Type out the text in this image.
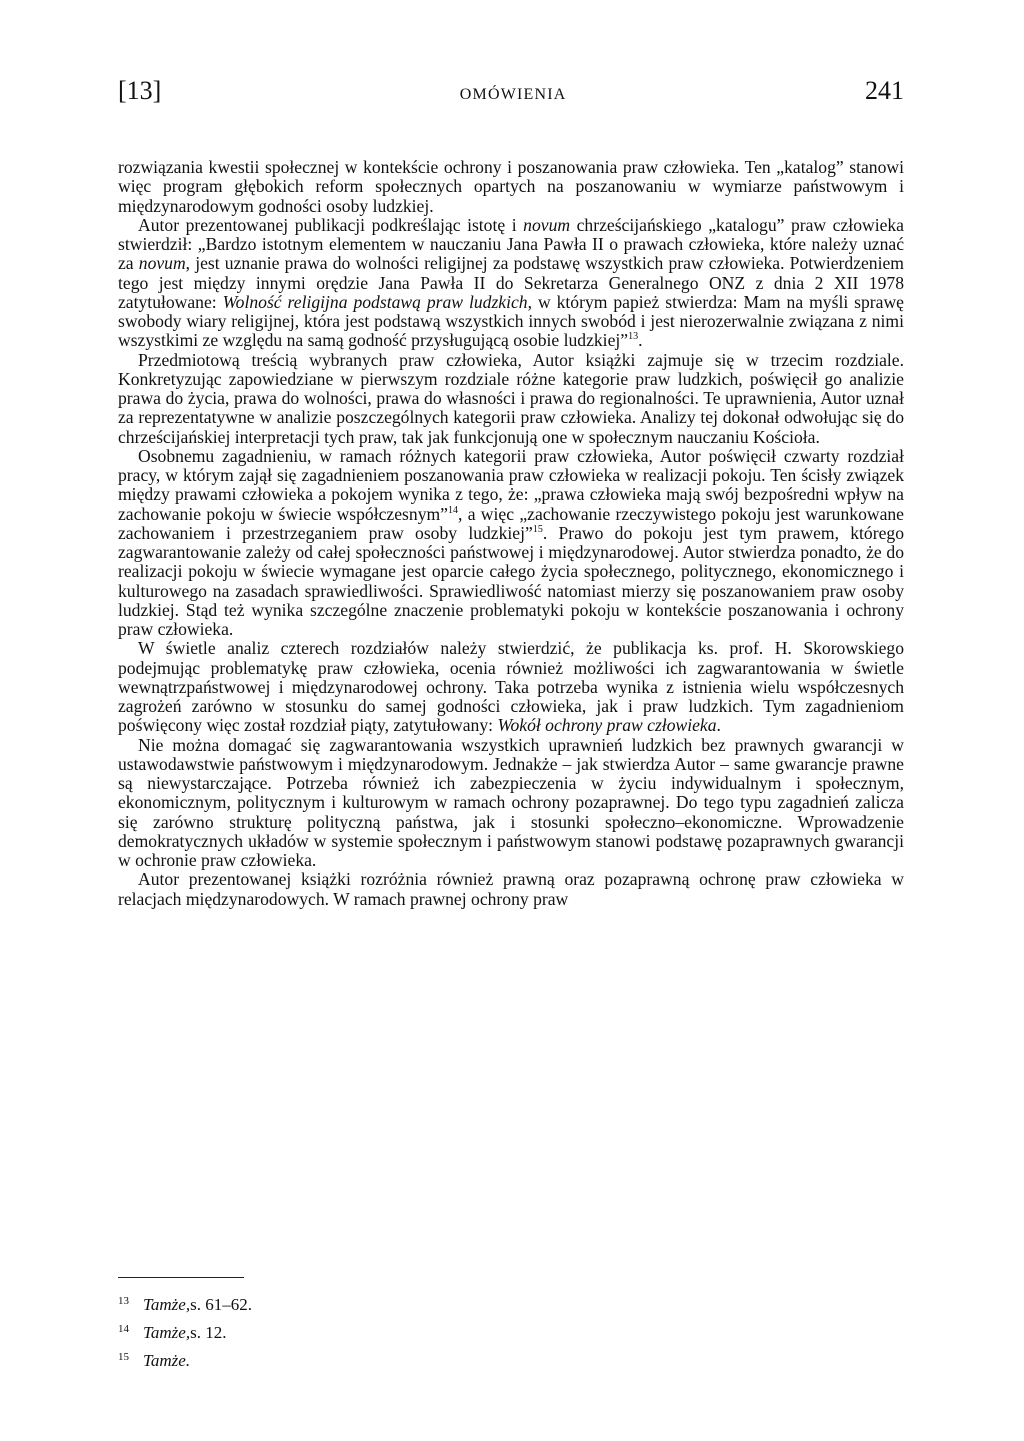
[13]	OMÓWIENIA	241

rozwiązania kwestii społecznej w kontekście ochrony i poszanowania praw człowieka. Ten „katalog” stanowi więc program głębokich reform społecznych opartych na poszanowaniu w wymiarze państwowym i międzynarodowym godności osoby ludzkiej.

Autor prezentowanej publikacji podkreślając istotę i novum chrześcijańskiego „katalogu” praw człowieka stwierdził: „Bardzo istotnym elementem w nauczaniu Jana Pawła II o prawach człowieka, które należy uznać za novum, jest uznanie prawa do wolności religijnej za podstawę wszystkich praw człowieka. Potwierdzeniem tego jest między innymi orędzie Jana Pawła II do Sekretarza Generalnego ONZ z dnia 2 XII 1978 zatytułowane: Wolność religijna podstawą praw ludzkich, w którym papież stwierdza: Mam na myśli sprawę swobody wiary religijnej, która jest podstawą wszystkich innych swobód i jest nierozerwalnie związana z nimi wszystkimi ze względu na samą godność przysługującą osobie ludzkiej”$^{13}$.

Przedmiotową treścią wybranych praw człowieka, Autor książki zajmuje się w trzecim rozdziale. Konkretyzując zapowiedziane w pierwszym rozdziale różne kategorie praw ludzkich, poświęcił go analizie prawa do życia, prawa do wolności, prawa do własności i prawa do regionalności. Te uprawnienia, Autor uznał za reprezentatywne w analizie poszczególnych kategorii praw człowieka. Analizy tej dokonał odwołując się do chrześcijańskiej interpretacji tych praw, tak jak funkcjonują one w społecznym nauczaniu Kościoła.

Osobnemu zagadnieniu, w ramach różnych kategorii praw człowieka, Autor poświęcił czwarty rozdział pracy, w którym zajął się zagadnieniem poszanowania praw człowieka w realizacji pokoju. Ten ścisły związek między prawami człowieka a pokojem wynika z tego, że: „prawa człowieka mają swój bezpośredni wpływ na zachowanie pokoju w świecie współczesnym”$^{14}$, a więc „zachowanie rzeczywistego pokoju jest warunkowane zachowaniem i przestrzeganiem praw osoby ludzkiej”$^{15}$. Prawo do pokoju jest tym prawem, którego zagwarantowanie zależy od całej społeczności państwowej i międzynarodowej. Autor stwierdza ponadto, że do realizacji pokoju w świecie wymagane jest oparcie całego życia społecznego, politycznego, ekonomicznego i kulturowego na zasadach sprawiedliwości. Sprawiedliwość natomiast mierzy się poszanowaniem praw osoby ludzkiej. Stąd też wynika szczególne znaczenie problematyki pokoju w kontekście poszanowania i ochrony praw człowieka.

W świetle analiz czterech rozdziałów należy stwierdzić, że publikacja ks. prof. H. Skorowskiego podejmując problematykę praw człowieka, ocenia również możliwości ich zagwarantowania w świetle wewnątrzpaństwowej i międzynarodowej ochrony. Taka potrzeba wynika z istnienia wielu współczesnych zagrożeń zarówno w stosunku do samej godności człowieka, jak i praw ludzkich. Tym zagadnieniom poświęcony więc został rozdział piąty, zatytułowany: Wokół ochrony praw człowieka.

Nie można domagać się zagwarantowania wszystkich uprawnień ludzkich bez prawnych gwarancji w ustawodawstwie państwowym i międzynarodowym. Jednakże – jak stwierdza Autor – same gwarancje prawne są niewystarczające. Potrzeba również ich zabezpieczenia w życiu indywidualnym i społecznym, ekonomicznym, politycznym i kulturowym w ramach ochrony pozaprawnej. Do tego typu zagadnień zalicza się zarówno strukturę polityczną państwa, jak i stosunki społeczno–ekonomiczne. Wprowadzenie demokratycznych układów w systemie społecznym i państwowym stanowi podstawę pozaprawnych gwarancji w ochronie praw człowieka.

Autor prezentowanej książki rozróżnia również prawną oraz pozaprawną ochronę praw człowieka w relacjach międzynarodowych. W ramach prawnej ochrony praw

13 Tamże, s. 61–62.
14 Tamże, s. 12.
15 Tamże.
